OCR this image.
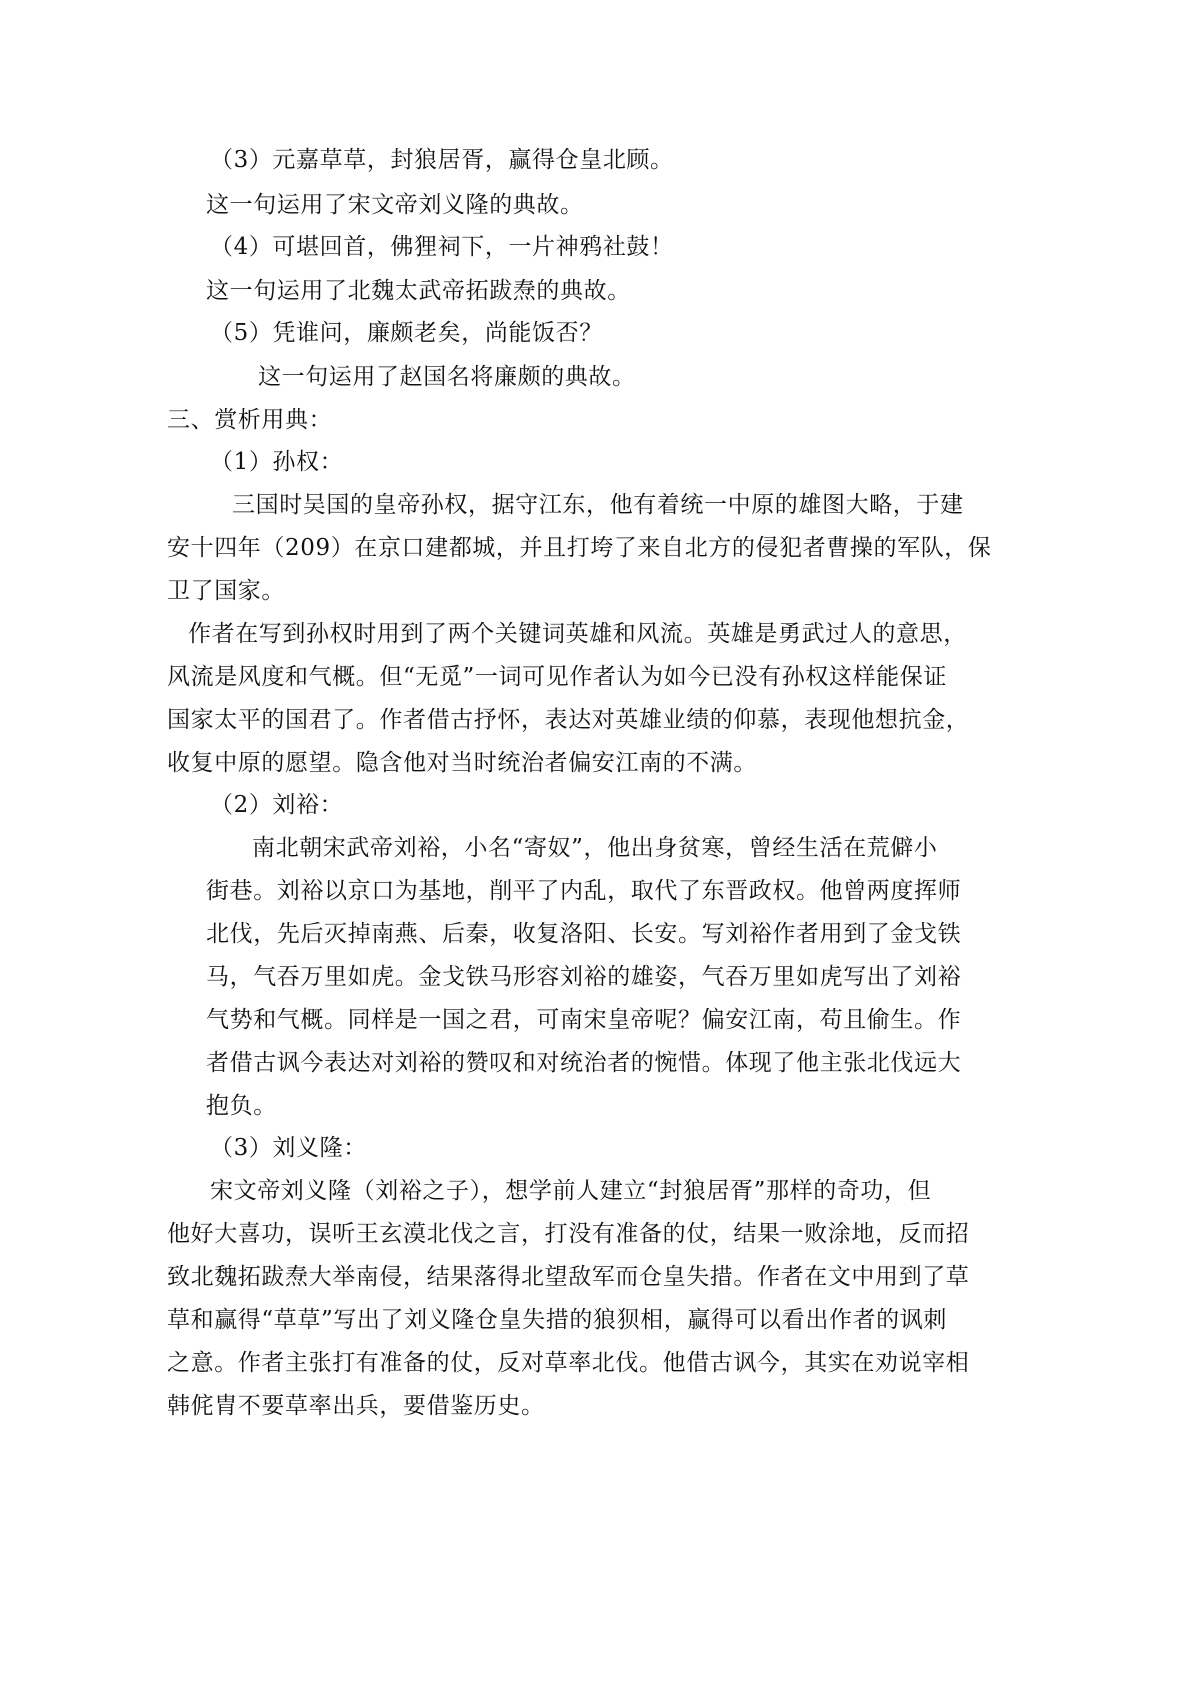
（3）元嘉草草，封狼居胥，赢得仓皇北顾。
这一句运用了宋文帝刘义隆的典故。
（4）可堪回首，佛狸祠下，一片神鸦社鼓！
这一句运用了北魏太武帝拓跋焘的典故。
（5）凭谁问，廉颇老矣，尚能饭否？
这一句运用了赵国名将廉颇的典故。
三、赏析用典：
（1）孙权：
三国时吴国的皇帝孙权，据守江东，他有着统一中原的雄图大略，于建
安十四年（209）在京口建都城，并且打垮了来自北方的侵犯者曹操的军队，保
卫了国家。
作者在写到孙权时用到了两个关键词英雄和风流。英雄是勇武过人的意思，
风流是风度和气概。但“无觅”一词可见作者认为如今已没有孙权这样能保证
国家太平的国君了。作者借古抒怀，表达对英雄业绩的仰慕，表现他想抗金，
收复中原的愿望。隐含他对当时统治者偏安江南的不满。
（2）刘裕：
南北朝宋武帝刘裕，小名“寄奴”，他出身贫寒，曾经生活在荒僻小
街巷。刘裕以京口为基地，削平了内乱，取代了东晋政权。他曾两度挥师
北伐，先后灭掉南燕、后秦，收复洛阳、长安。写刘裕作者用到了金戈铁
马，气吞万里如虎。金戈铁马形容刘裕的雄姿，气吞万里如虎写出了刘裕
气势和气概。同样是一国之君，可南宋皇帝呢？偏安江南，苟且偷生。作
者借古讽今表达对刘裕的赞叹和对统治者的惋惜。体现了他主张北伐远大
抱负。
（3）刘义隆：
宋文帝刘义隆（刘裕之子），想学前人建立“封狼居胥”那样的奇功，但
他好大喜功，误听王玄漠北伐之言，打没有准备的仗，结果一败涂地，反而招
致北魏拓跋焘大举南侵，结果落得北望敌军而仓皇失措。作者在文中用到了草
草和赢得“草草”写出了刘义隆仓皇失措的狼狈相，赢得可以看出作者的讽刺
之意。作者主张打有准备的仗，反对草率北伐。他借古讽今，其实在劝说宰相
韩侂胄不要草率出兵，要借鉴历史。
